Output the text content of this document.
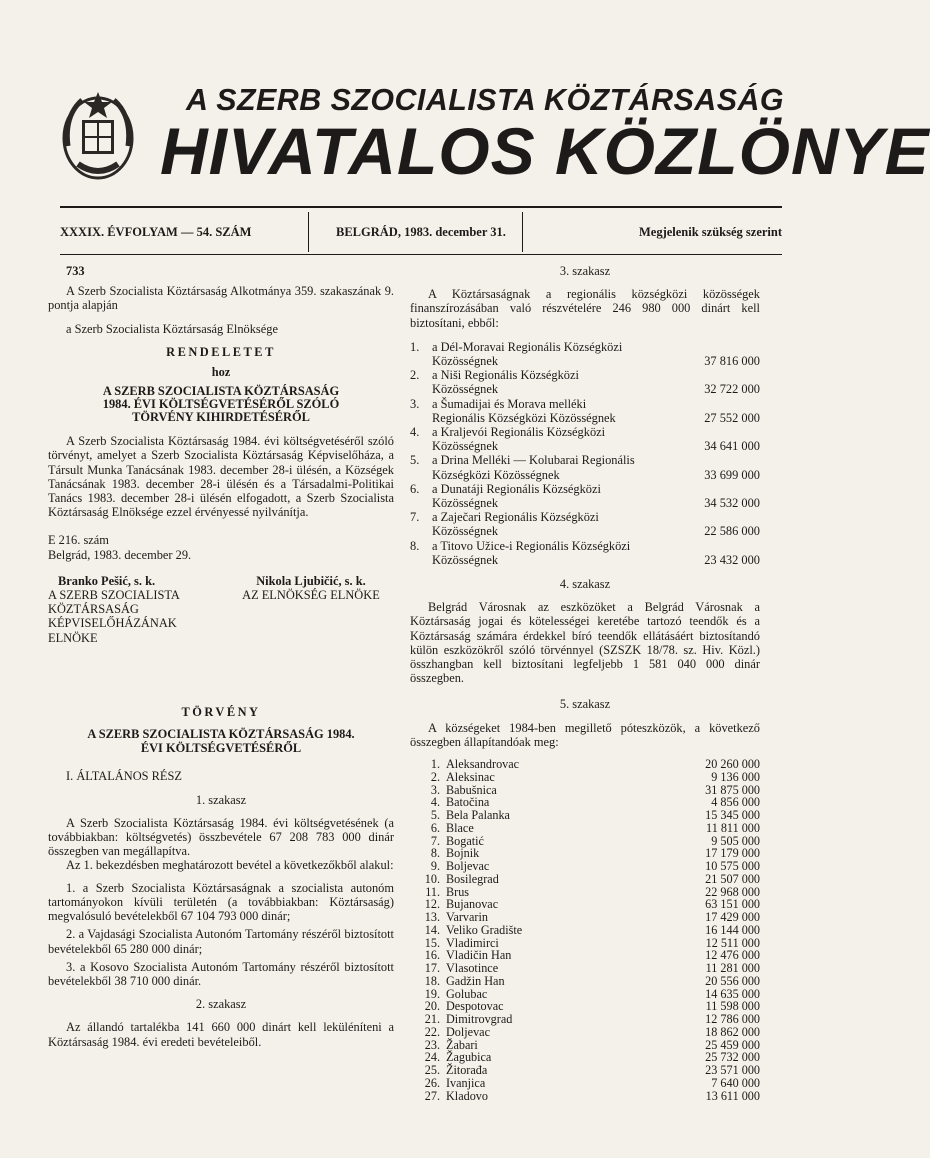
A SZERB SZOCIALISTA KÖZTÁRSASÁG
HIVATALOS KÖZLÖNYE
XXXIX. ÉVFOLYAM — 54. SZÁM	BELGRÁD, 1983. december 31.	Megjelenik szükség szerint

733

A Szerb Szocialista Köztársaság Alkotmánya 359. szakaszának 9. pontja alapján

a Szerb Szocialista Köztársaság Elnöksége

RENDELETET

hoz

A SZERB SZOCIALISTA KÖZTÁRSASÁG 1984. ÉVI KÖLTSÉGVETÉSÉRŐL SZÓLÓ TÖRVÉNY KIHIRDETÉSÉRŐL

A Szerb Szocialista Köztársaság 1984. évi költségvetéséről szóló törvényt, amelyet a Szerb Szocialista Köztársaság Képviselőháza, a Társult Munka Tanácsának 1983. december 28-i ülésén, a Községek Tanácsának 1983. december 28-i ülésén és a Társadalmi-Politikai Tanács 1983. december 28-i ülésén elfogadott, a Szerb Szocialista Köztársaság Elnöksége ezzel érvényessé nyilvánítja.

E 216. szám

Belgrád, 1983. december 29.

Branko Pešić, s. k.

A SZERB SZOCIALISTA KÖZTÁRSASÁG KÉPVISELŐHÁZÁNAK ELNÖKE

Nikola Ljubičić, s. k.

AZ ELNÖKSÉG ELNÖKE

TÖRVÉNY

A SZERB SZOCIALISTA KÖZTÁRSASÁG 1984. ÉVI KÖLTSÉGVETÉSÉRŐL

I. ÁLTALÁNOS RÉSZ

1. szakasz

A Szerb Szocialista Köztársaság 1984. évi költségvetésének (a továbbiakban: költségvetés) összbevétele 67 208 783 000 dinár összegben van megállapítva.

Az 1. bekezdésben meghatározott bevétel a következőkből alakul:

1. a Szerb Szocialista Köztársaságnak a szocialista autonóm tartományokon kívüli területén (a továbbiakban: Köztársaság) megvalósuló bevételekből 67 104 793 000 dinár;

2. a Vajdasági Szocialista Autonóm Tartomány részéről biztosított bevételekből 65 280 000 dinár;

3. a Kosovo Szocialista Autonóm Tartomány részéről biztosított bevételekből 38 710 000 dinár.

2. szakasz

Az állandó tartalékba 141 660 000 dinárt kell leküléníteni a Köztársaság 1984. évi eredeti bevételeiből.

3. szakasz

A Köztársaságnak a regionális községközi közösségek finanszírozásában való részvételére 246 980 000 dinárt kell biztosítani, ebből:

1.	a Dél-Moravai Regionális Községközi
Közösségnek	37 816 000
2.	a Niši Regionális Községközi
Közösségnek	32 722 000
3.	a Šumadijai és Morava melléki
Regionális Községközi Közösségnek	27 552 000
4.	a Kraljevói Regionális Községközi
Közösségnek	34 641 000
5.	a Drina Melléki — Kolubarai Regionális
Községközi Közösségnek	33 699 000
6.	a Dunatáji Regionális Községközi
Közösségnek	34 532 000
7.	a Zaječari Regionális Községközi
Közösségnek	22 586 000
8.	a Titovo Užice-i Regionális Községközi
Közösségnek	23 432 000

4. szakasz

Belgrád Városnak az eszközöket a Belgrád Városnak a Köztársaság jogai és kötelességei keretébe tartozó teendők és a Köztársaság számára érdekkel bíró teendők ellátásáért biztosítandó külön eszközökről szóló törvénnyel (SZSZK 18/78. sz. Hiv. Közl.) összhangban kell biztosítani legfeljebb 1 581 040 000 dinár összegben.

5. szakasz

A községeket 1984-ben megillető póteszközök, a következő összegben állapítandóak meg:

1. Aleksandrovac	20 260 000
2. Aleksinac	9 136 000
3. Babušnica	31 875 000
4. Batočina	4 856 000
5. Bela Palanka	15 345 000
6. Blace	11 811 000
7. Bogatić	9 505 000
8. Bojnik	17 179 000
9. Boljevac	10 575 000
10. Bosilegrad	21 507 000
11. Brus	22 968 000
12. Bujanovac	63 151 000
13. Varvarin	17 429 000
14. Veliko Gradište	16 144 000
15. Vladimirci	12 511 000
16. Vladičin Han	12 476 000
17. Vlasotince	11 281 000
18. Gadžin Han	20 556 000
19. Golubac	14 635 000
20. Despotovac	11 598 000
21. Dimitrovgrad	12 786 000
22. Doljevac	18 862 000
23. Žabari	25 459 000
24. Žagubica	25 732 000
25. Žitorađa	23 571 000
26. Ivanjica	7 640 000
27. Kladovo	13 611 000
